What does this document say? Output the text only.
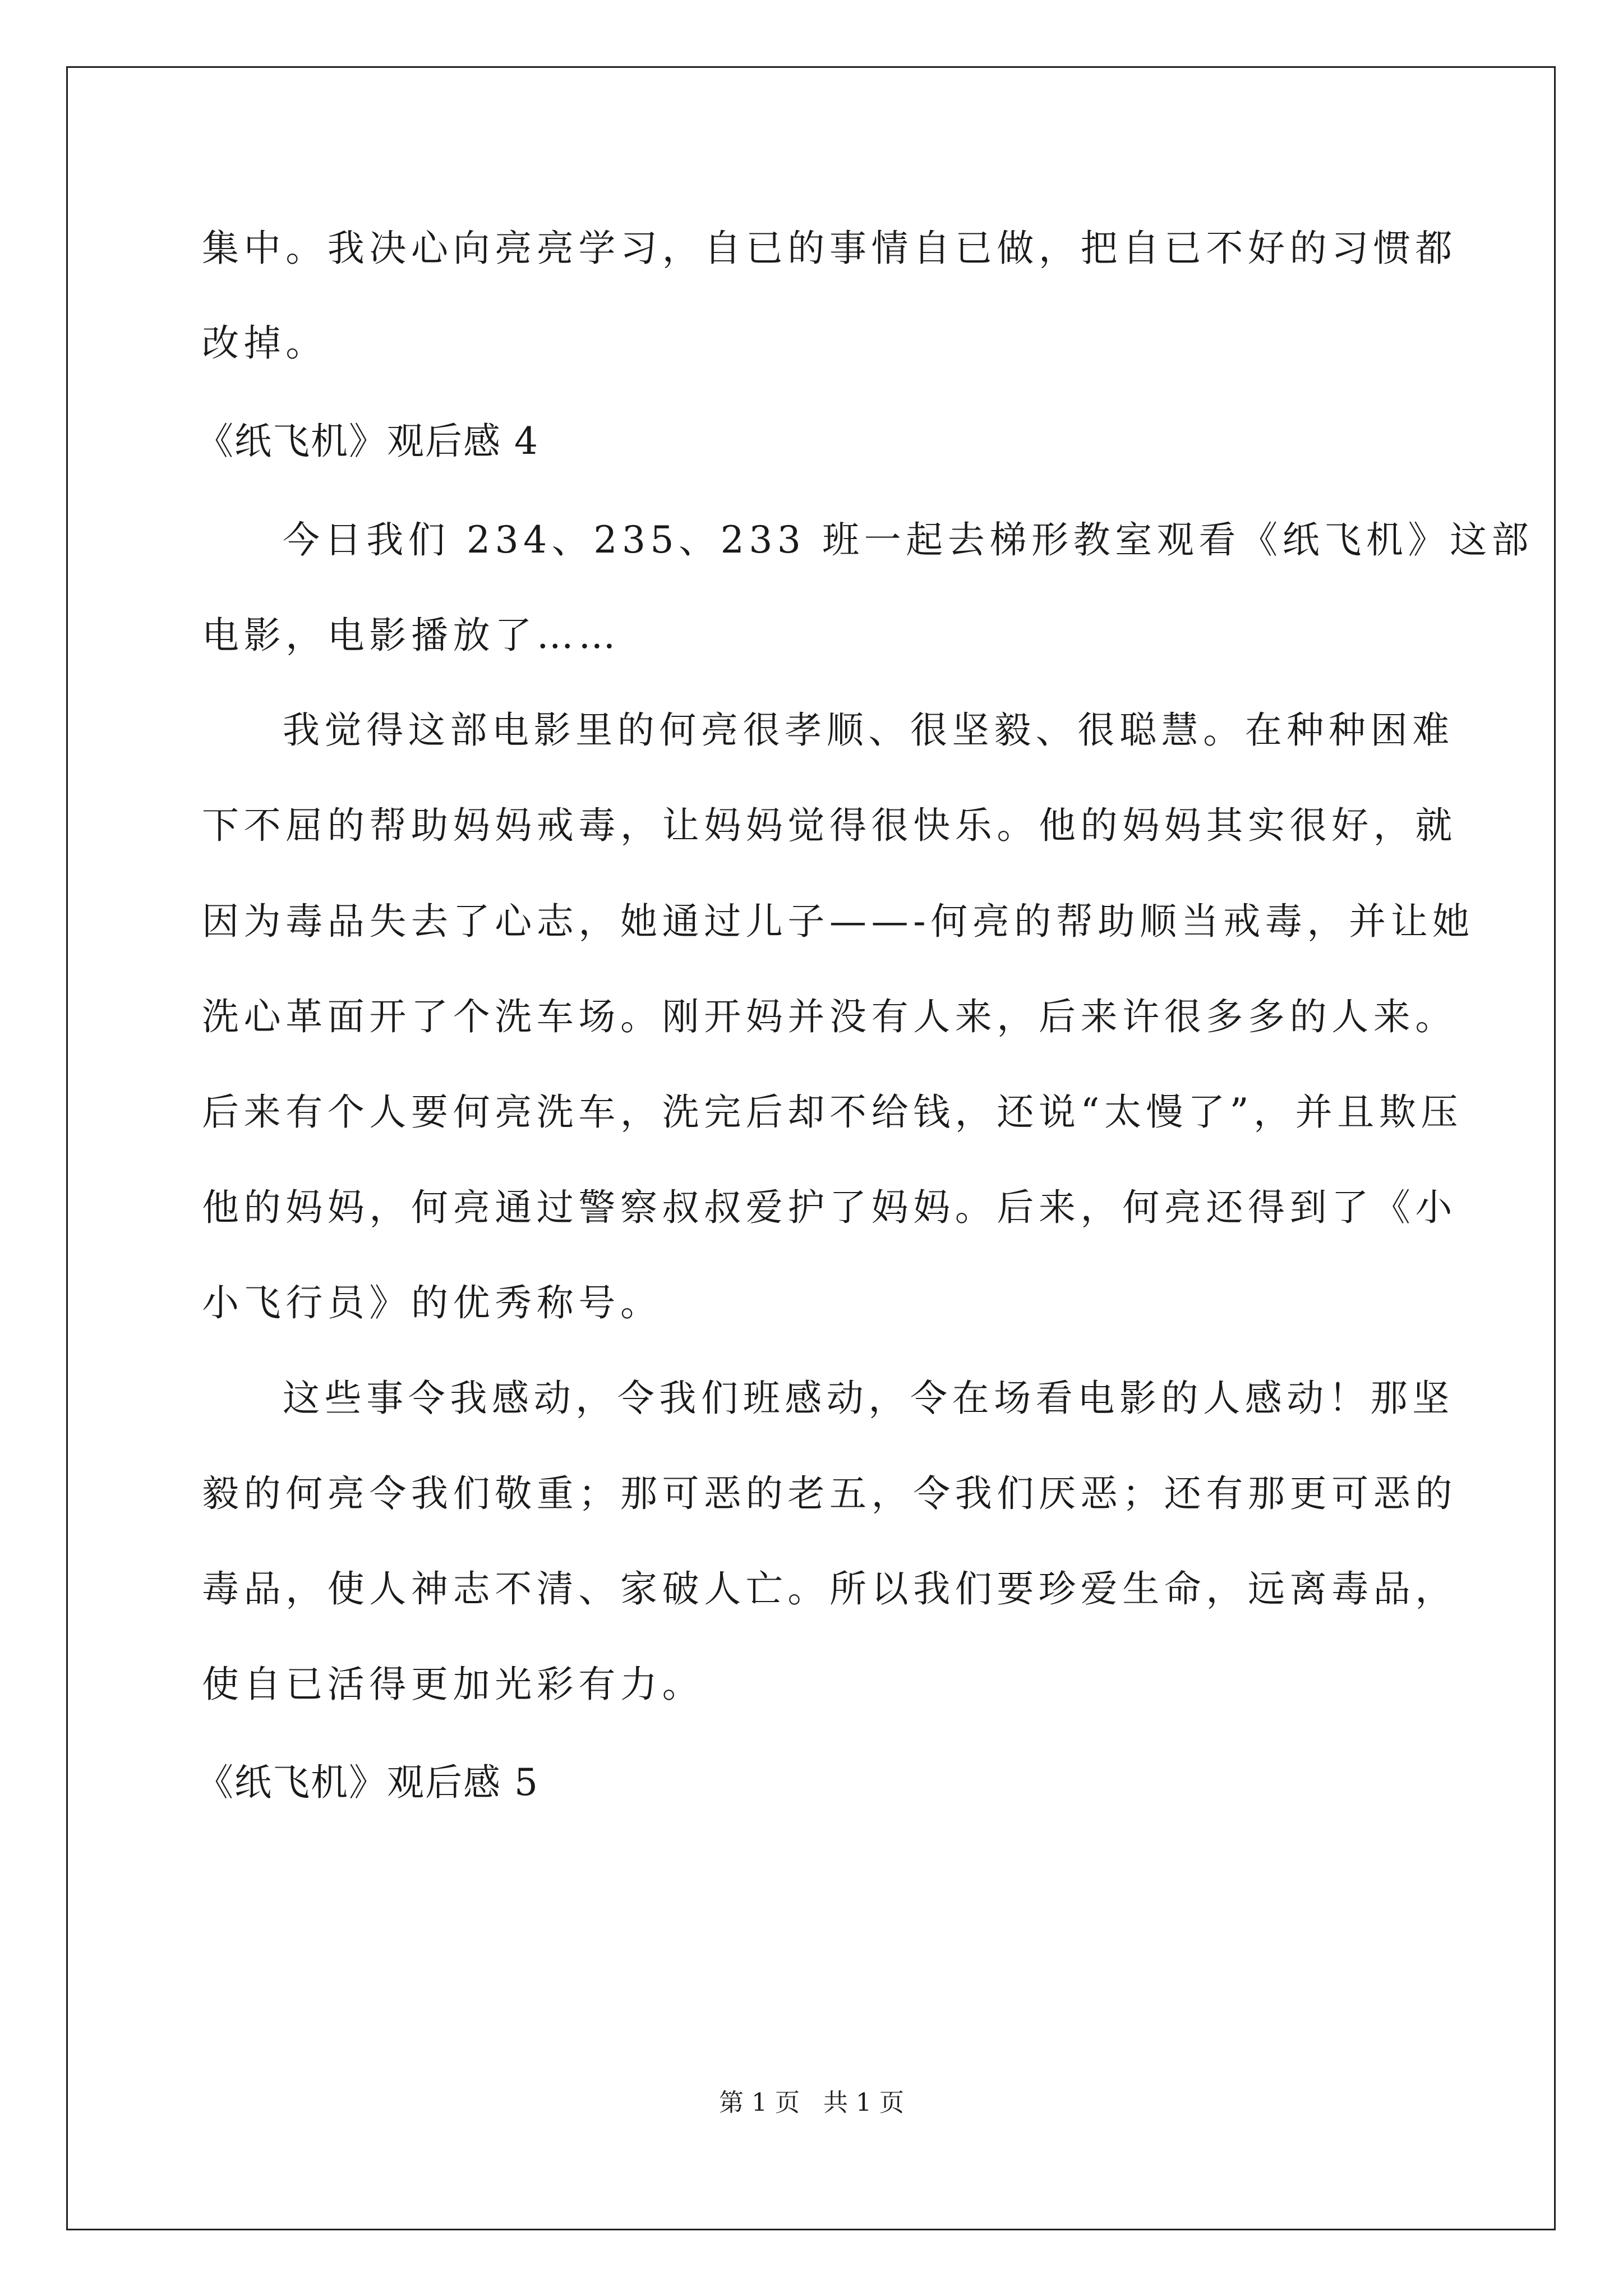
集中。我决心向亮亮学习，自已的事情自已做，把自已不好的习惯都
改掉。
《纸飞机》观后感 4
今日我们 234、235、233 班一起去梯形教室观看《纸飞机》这部
电影，电影播放了……
我觉得这部电影里的何亮很孝顺、很坚毅、很聪慧。在种种困难
下不屈的帮助妈妈戒毒，让妈妈觉得很快乐。他的妈妈其实很好，就
因为毒品失去了心志，她通过儿子——-何亮的帮助顺当戒毒，并让她
洗心革面开了个洗车场。刚开妈并没有人来，后来许很多多的人来。
后来有个人要何亮洗车，洗完后却不给钱，还说“太慢了”，并且欺压
他的妈妈，何亮通过警察叔叔爱护了妈妈。后来，何亮还得到了《小
小飞行员》的优秀称号。
这些事令我感动，令我们班感动，令在场看电影的人感动！那坚
毅的何亮令我们敬重；那可恶的老五，令我们厌恶；还有那更可恶的
毒品，使人神志不清、家破人亡。所以我们要珍爱生命，远离毒品，
使自已活得更加光彩有力。
《纸飞机》观后感 5
第 1 页   共 1 页
